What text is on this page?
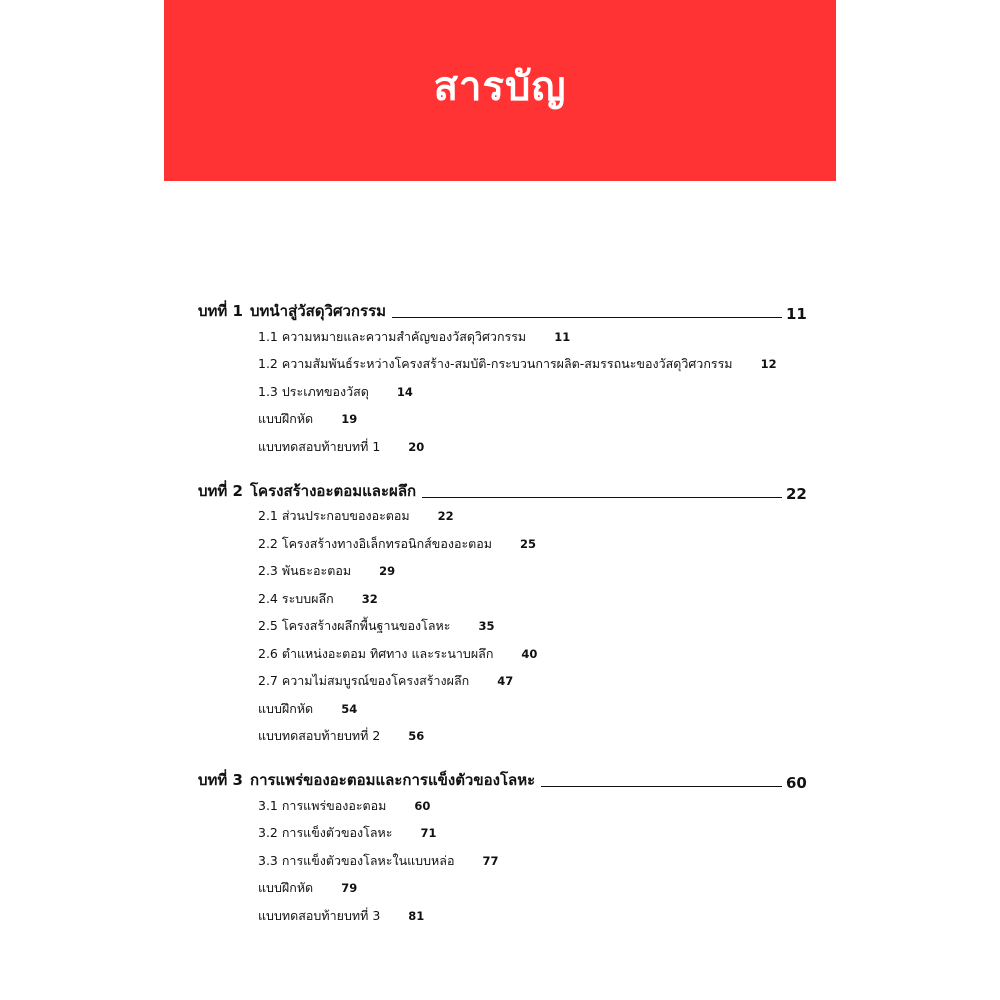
สารบัญ
บทที่ 1 บทนำสู่วัสดุวิศวกรรม	11
1.1 ความหมายและความสำคัญของวัสดุวิศวกรรม 11
1.2 ความสัมพันธ์ระหว่างโครงสร้าง-สมบัติ-กระบวนการผลิต-สมรรถนะของวัสดุวิศวกรรม 12
1.3 ประเภทของวัสดุ 14
แบบฝึกหัด 19
แบบทดสอบท้ายบทที่ 1 20
บทที่ 2 โครงสร้างอะตอมและผลึก	22
2.1 ส่วนประกอบของอะตอม 22
2.2 โครงสร้างทางอิเล็กทรอนิกส์ของอะตอม 25
2.3 พันธะอะตอม 29
2.4 ระบบผลึก 32
2.5 โครงสร้างผลึกพื้นฐานของโลหะ 35
2.6 ตำแหน่งอะตอม ทิศทาง และระนาบผลึก 40
2.7 ความไม่สมบูรณ์ของโครงสร้างผลึก 47
แบบฝึกหัด 54
แบบทดสอบท้ายบทที่ 2 56
บทที่ 3 การแพร่ของอะตอมและการแข็งตัวของโลหะ	60
3.1 การแพร่ของอะตอม 60
3.2 การแข็งตัวของโลหะ 71
3.3 การแข็งตัวของโลหะในแบบหล่อ 77
แบบฝึกหัด 79
แบบทดสอบท้ายบทที่ 3 81
